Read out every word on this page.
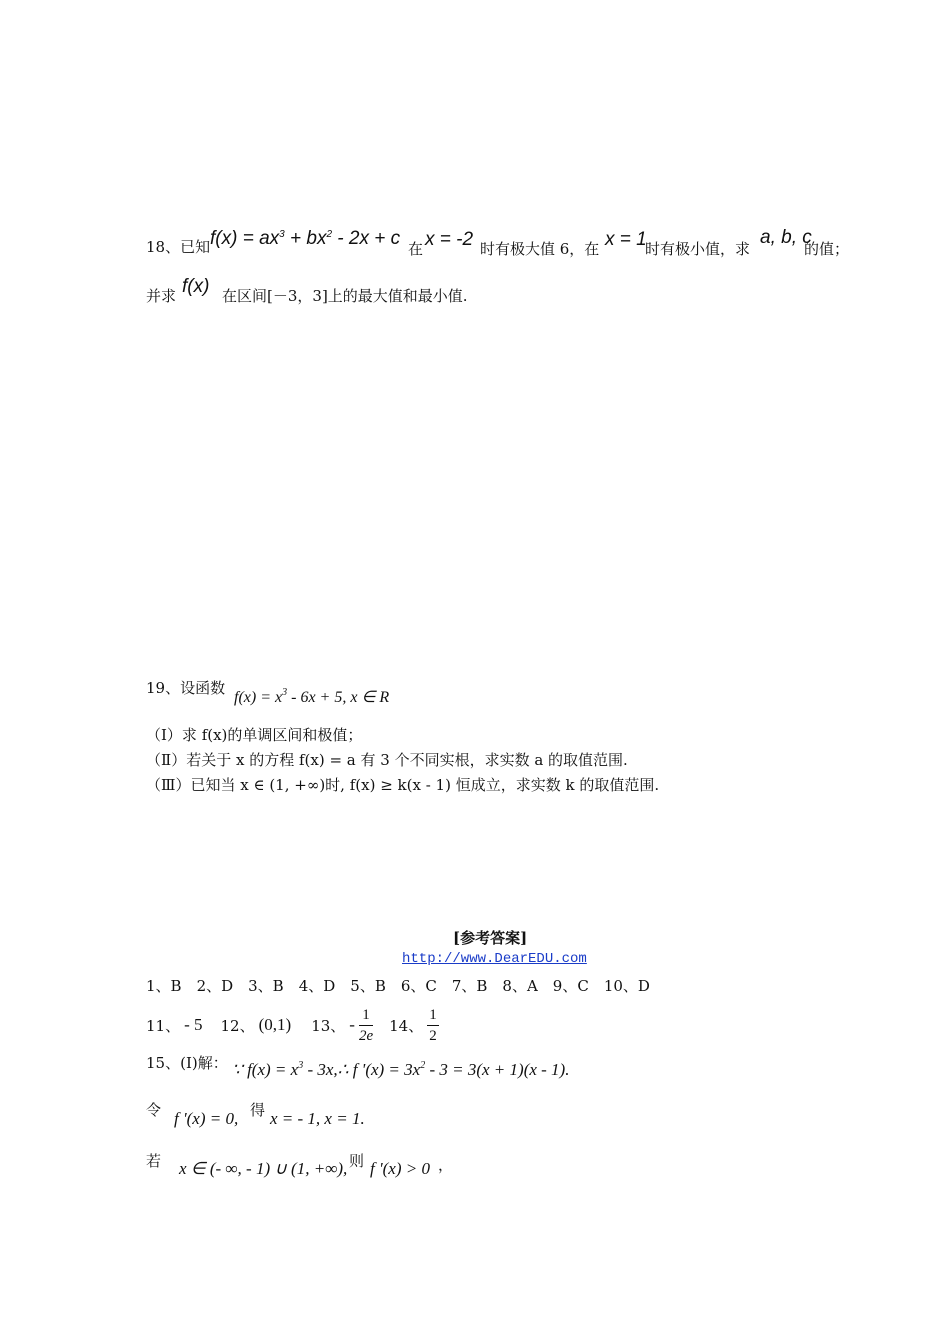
18、已知 $f(x) = ax^3 + bx^2 - 2x + c$ 在 x = -2 时有极大值 6，在 x = 1
时有极小值，求
a, b, c
的值；
并求 f(x) 在区间[－3，3]上的最大值和最小值.
19、设函数
$f(x) = x^3 - 6x + 5$, x ∈ R
（Ⅰ）求 f(x)的单调区间和极值；
（Ⅱ）若关于 x 的方程 f(x) = a 有 3 个不同实根，求实数 a 的取值范围.
（Ⅲ）已知当 x ∈ (1, +∞)时, f(x) ≥ k(x - 1) 恒成立，求实数 k 的取值范围.
[参考答案]
http://www.DearEDU.com
1、B　2、D　3、B　4、D　5、B　6、C　7、B　8、A　9、C　10、D
11、 - 5 12、 (0,1) 13、 - $\frac{1}{2e} 14$、 $\frac{1}{2}$
15、(I)解： ∵ $f(x) = x^3$ - 3x,∴ f '$(x) = 3x^2 - 3 = 3(x + 1)(x - 1)$.
令 f '(x) = 0, 得 x = - 1, x = 1.
若 x ∈ (- ∞, - 1) ∪ (1, +∞), 则 f '(x) > 0 ，
